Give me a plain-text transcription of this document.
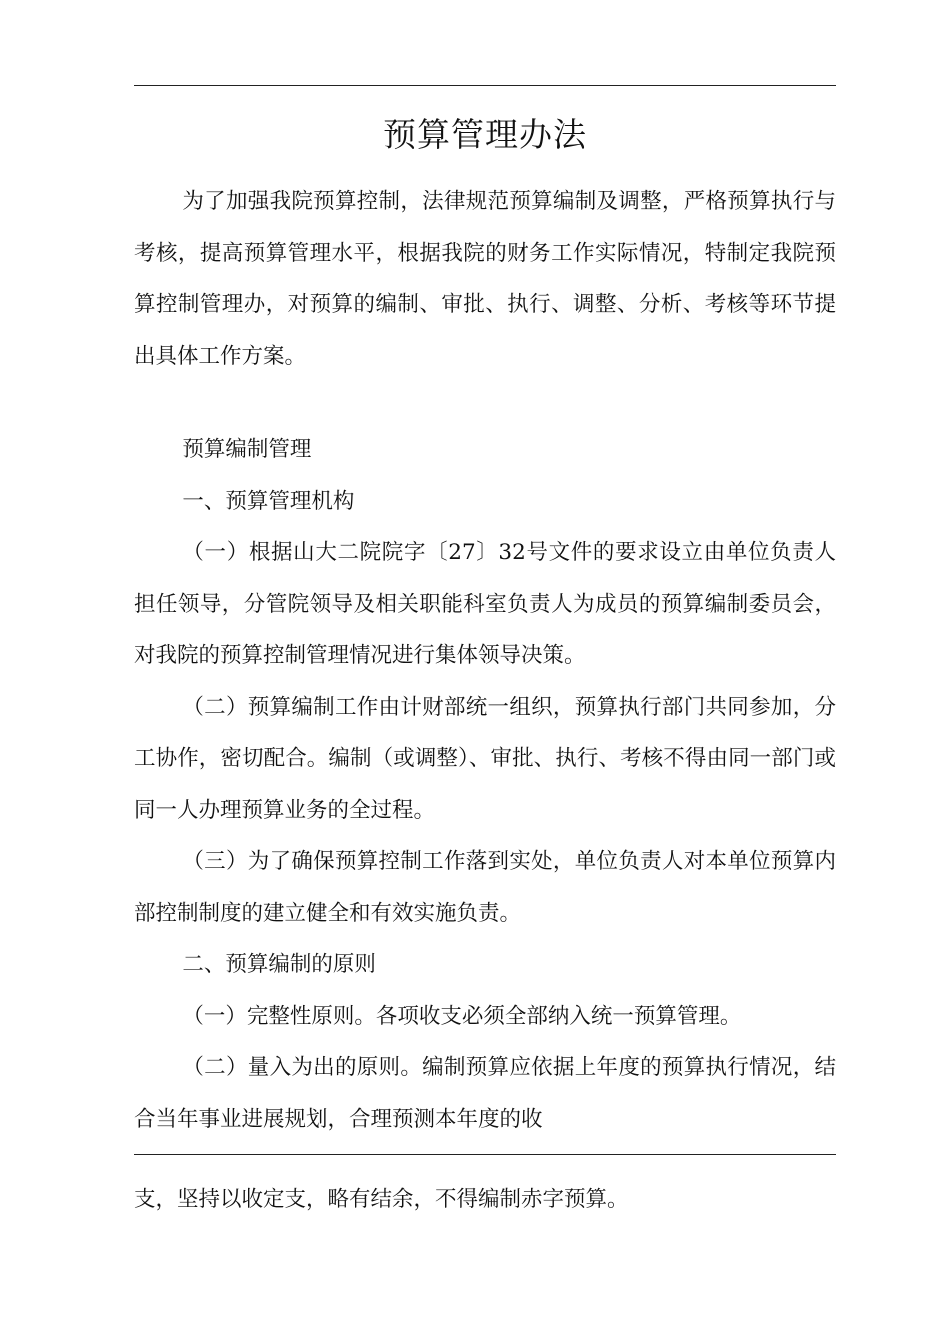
预算管理办法

为了加强我院预算控制，法律规范预算编制及调整，严格预算执行与考核，提高预算管理水平，根据我院的财务工作实际情况，特制定我院预算控制管理办，对预算的编制、审批、执行、调整、分析、考核等环节提出具体工作方案。

预算编制管理

一、预算管理机构

（一）根据山大二院院字〔27〕32号文件的要求设立由单位负责人担任领导，分管院领导及相关职能科室负责人为成员的预算编制委员会，对我院的预算控制管理情况进行集体领导决策。

（二）预算编制工作由计财部统一组织，预算执行部门共同参加，分工协作，密切配合。编制（或调整）、审批、执行、考核不得由同一部门或同一人办理预算业务的全过程。

（三）为了确保预算控制工作落到实处，单位负责人对本单位预算内部控制制度的建立健全和有效实施负责。

二、预算编制的原则

（一）完整性原则。各项收支必须全部纳入统一预算管理。

（二）量入为出的原则。编制预算应依据上年度的预算执行情况，结合当年事业进展规划，合理预测本年度的收

支，坚持以收定支，略有结余，不得编制赤字预算。
